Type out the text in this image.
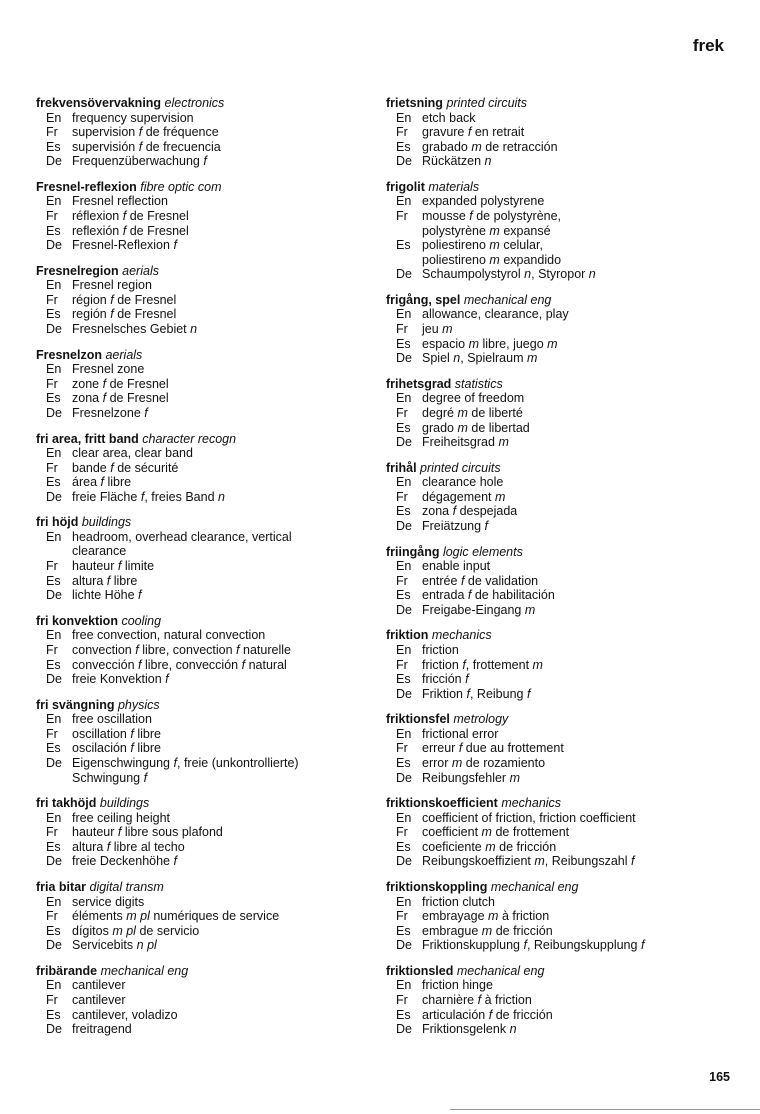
frek
frekvensövervakning electronics
En frequency supervision
Fr	supervision f de fréquence
Es supervisión f de frecuencia
De Frequenzüberwachung f
Fresnel-reflexion fibre optic com
En Fresnel reflection
Fr	réflexion f de Fresnel
Es reflexión f de Fresnel
De Fresnel-Reflexion f
Fresnelregion aerials
En Fresnel region
Fr	région f de Fresnel
Es región f de Fresnel
De Fresnelsches Gebiet n
Fresnelzon aerials
En Fresnel zone
Fr	zone f de Fresnel
Es zona f de Fresnel
De Fresnelzone f
fri area, fritt band character recogn
En clear area, clear band
Fr	bande f de sécurité
Es área f libre
De freie Fläche f, freies Band n
fri höjd buildings
En headroom, overhead clearance, vertical
clearance
Fr	hauteur f limite
Es altura f libre
De lichte Höhe f
fri konvektion cooling
En free convection, natural convection
Fr	convection f libre, convection f naturelle
Es convección f libre, convección f natural
De freie Konvektion f
fri svängning physics
En free oscillation
Fr	oscillation f libre
Es oscilación f libre
De Eigenschwingung f, freie (unkontrollierte)
Schwingung f
fri takhöjd buildings
En free ceiling height
Fr	hauteur f libre sous plafond
Es altura f libre al techo
De freie Deckenhöhe f
fria bitar digital transm
En service digits
Fr	éléments m pl numériques de service
Es dígitos m pl de servicio
De Servicebits n pl
fribärande mechanical eng
En cantilever
Fr	cantilever
Es cantilever, voladizo
De freitragend
frietsning printed circuits
En etch back
Fr	gravure f en retrait
Es grabado m de retracción
De Rückätzen n
frigolit materials
En expanded polystyrene
Fr	mousse f de polystyrène,
polystyrène m expansé
Es poliestireno m celular,
poliestireno m expandido
De Schaumpolystyrol n, Styropor n
frigång, spel mechanical eng
En allowance, clearance, play
Fr	jeu m
Es espacio m libre, juego m
De Spiel n, Spielraum m
frihetsgrad statistics
En degree of freedom
Fr	degré m de liberté
Es grado m de libertad
De Freiheitsgrad m
frihål printed circuits
En clearance hole
Fr	dégagement m
Es zona f despejada
De Freiätzung f
friingång logic elements
En enable input
Fr	entrée f de validation
Es entrada f de habilitación
De Freigabe-Eingang m
friktion mechanics
En friction
Fr	friction f, frottement m
Es fricción f
De Friktion f, Reibung f
friktionsfel metrology
En frictional error
Fr	erreur f due au frottement
Es error m de rozamiento
De Reibungsfehler m
friktionskoefficient mechanics
En coefficient of friction, friction coefficient
Fr	coefficient m de frottement
Es coeficiente m de fricción
De Reibungskoeffizient m, Reibungszahl f
friktionskoppling mechanical eng
En friction clutch
Fr	embrayage m à friction
Es embrague m de fricción
De Friktionskupplung f, Reibungskupplung f
friktionsled mechanical eng
En friction hinge
Fr	charnière f à friction
Es articulación f de fricción
De Friktionsgelenk n
165
